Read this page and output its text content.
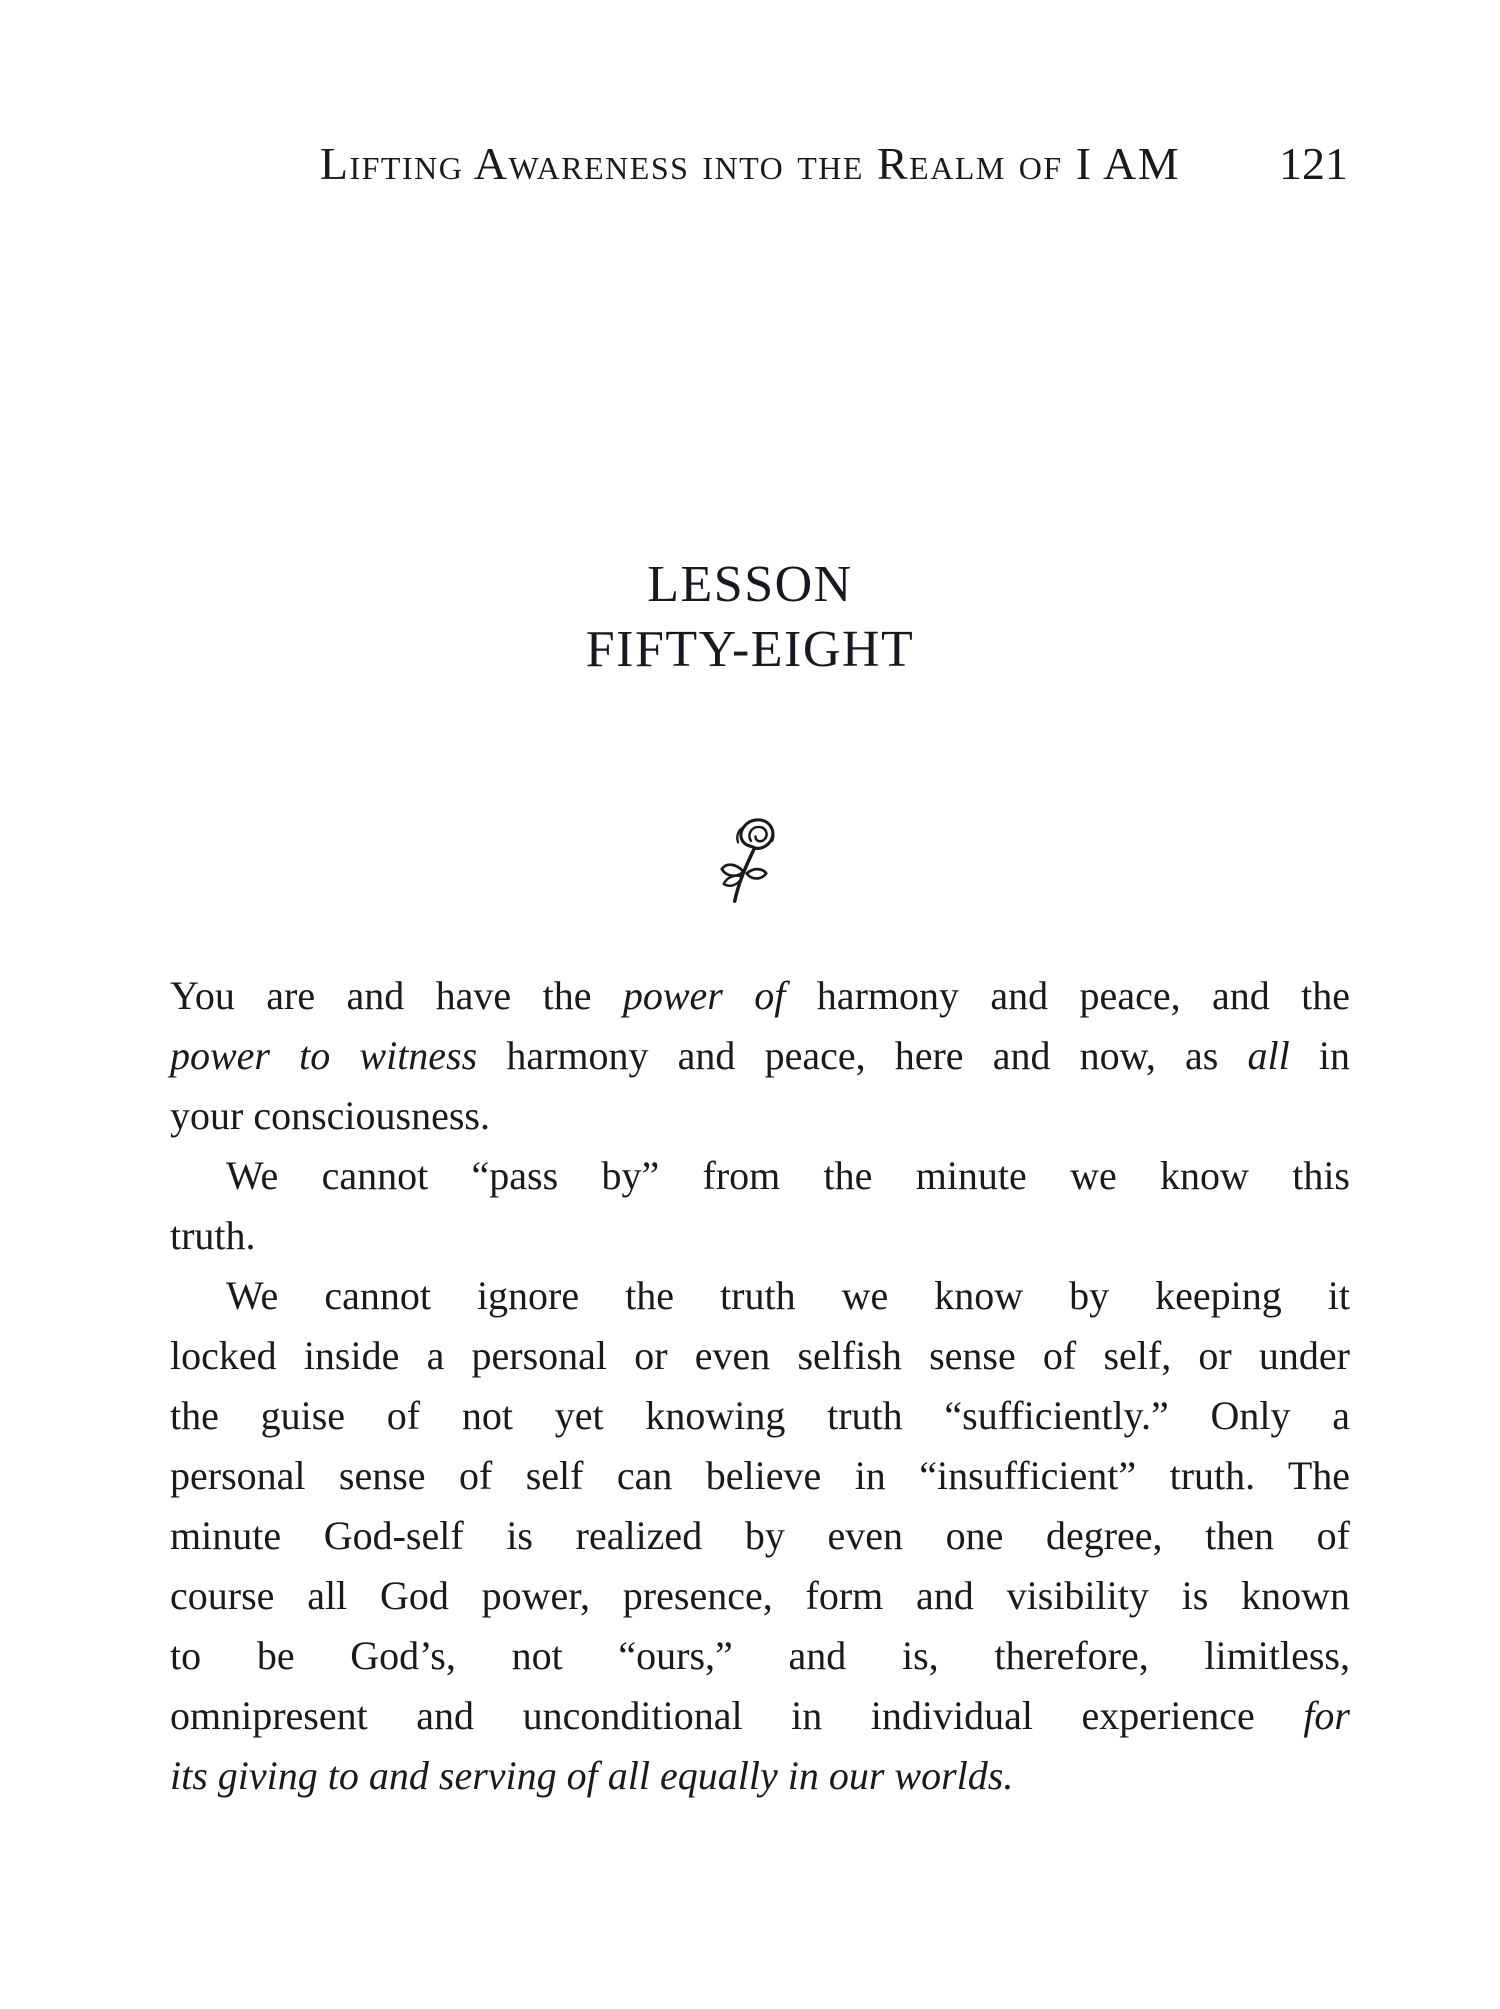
Lifting Awareness into the Realm of I AM	121
LESSON
FIFTY-EIGHT
You are and have the power of harmony and peace, and the
power to witness harmony and peace, here and now, as all in
your consciousness.
We cannot “pass by” from the minute we know this
truth.
We cannot ignore the truth we know by keeping it
locked inside a personal or even selfish sense of self, or under
the guise of not yet knowing truth “sufficiently.” Only a
personal sense of self can believe in “insufficient” truth. The
minute God-self is realized by even one degree, then of
course all God power, presence, form and visibility is known
to be God’s, not “ours,” and is, therefore, limitless,
omnipresent and unconditional in individual experience for
its giving to and serving of all equally in our worlds.
